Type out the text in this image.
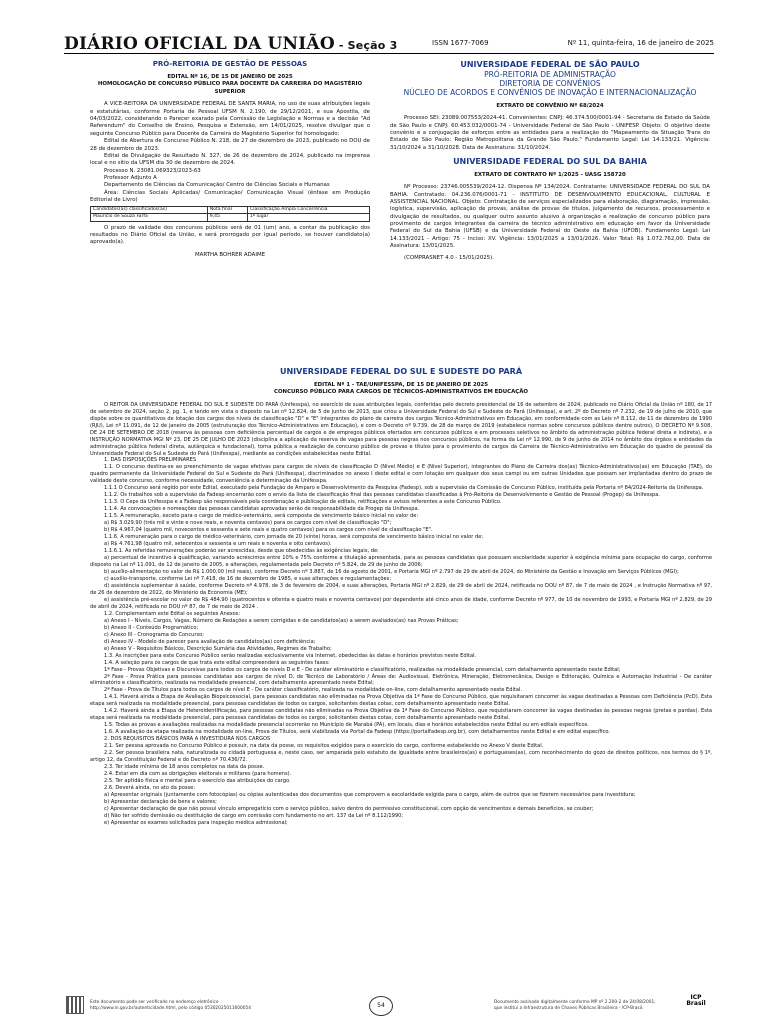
DIÁRIO OFICIAL DA UNIÃO - Seção 3	ISSN 1677-7069	Nº 11, quinta-feira, 16 de janeiro de 2025
PRÓ-REITORIA DE GESTÃO DE PESSOAS
EDITAL Nº 16, DE 15 DE JANEIRO DE 2025
HOMOLOGAÇÃO DE CONCURSO PÚBLICO PARA DOCENTE DA CARREIRA DO MAGISTÉRIO SUPERIOR

A VICE-REITORA DA UNIVERSIDADE FEDERAL DE SANTA MARIA, no uso de suas atribuições legais e estatutárias, conforme Portaria de Pessoal UFSM N. 2.190, de 29/12/2021, e sua Apostila, de 04/03/2022, considerando o Parecer exarado pela Comissão de Legislação e Normas e a decisão "Ad Referendum" do Conselho de Ensino, Pesquisa e Extensão, em 14/01/2025, resolve divulgar que o seguinte Concurso Público para Docente da Carreira do Magistério Superior foi homologado:

Edital de Abertura de Concurso Público N. 218, de 27 de dezembro de 2023, publicado no DOU de 28 de dezembro de 2023.

Edital de Divulgação de Resultado N. 327, de 26 de dezembro de 2024, publicado na imprensa local e no sítio da UFSM dia 30 de dezembro de 2024.

Processo N. 23081.069323/2023-63

Professor Adjunto A

Departamento de Ciências da Comunicação/ Centro de Ciências Sociais e Humanas

Área: Ciências Sociais Aplicadas/ Comunicação/ Comunicação Visual (ênfase em Produção Editorial de Livro)

Candidatos(as) classificados(as)	Nota final	Classificação Ampla Concorrência
Mauricio de Souza Farfa	9,45	1º lugar

O prazo de validade dos concursos públicos será de 01 (um) ano, a contar da publicação dos resultados no Diário Oficial da União, e será prorrogado por igual período, se houver candidato(a) aprovado(a).

MARTHA BOHRER ADAIME
UNIVERSIDADE FEDERAL DE SÃO PAULO
PRÓ-REITORIA DE ADMINISTRAÇÃO
DIRETORIA DE CONVÊNIOS
NÚCLEO DE ACORDOS E CONVÊNIOS DE INOVAÇÃO E INTERNACIONALIZAÇÃO
EXTRATO DE CONVÊNIO Nº 68/2024

Processo SEI: 23089.007553/2024-41. Convenientes: CNPJ: 46.374.500/0001-94 - Secretaria de Estado da Saúde de São Paulo e CNPJ: 60.453.032/0001-74 - Universidade Federal de São Paulo - UNIFESP. Objeto: O objetivo deste convênio é a conjugação de esforços entre as entidades para a realização do "Mapeamento da Situação Trans do Estado de São Paulo: Região Metropolitana da Grande São Paulo." Fundamento Legal: Lei 14.133/21. Vigência: 31/10/2024 a 31/10/2028. Data de Assinatura: 31/10/2024.

UNIVERSIDADE FEDERAL DO SUL DA BAHIA
EXTRATO DE CONTRATO Nº 1/2025 - UASG 158720

Nº Processo: 23746.005539/2024-12. Dispensa Nº 134/2024. Contratante: UNIVERSIDADE FEDERAL DO SUL DA BAHIA. Contratado: 04.236.076/0001-71 - INSTITUTO DE DESENVOLVIMENTO EDUCACIONAL, CULTURAL E ASSISTENCIAL NACIONAL. Objeto: Contratação de serviços especializados para elaboração, diagramação, impressão, logística, supervisão, aplicação de provas, análise de provas de títulos, julgamento de recursos, processamento e divulgação de resultados, ou qualquer outro assunto alusivo à organização e realização de concurso público para provimento de cargos integrantes da carreira de técnico administrativo em educação em favor da Universidade Federal do Sul da Bahia (UFSB) e da Universidade Federal do Oeste da Bahia (UFOB). Fundamento Legal: Lei 14.133/2021 - Artigo: 75 - Inciso: XV. Vigência: 13/01/2025 a 13/01/2026. Valor Total: R$ 1.072.762,00. Data de Assinatura: 13/01/2025.

(COMPRASNET 4.0 - 15/01/2025).

UNIVERSIDADE FEDERAL DO SUL E SUDESTE DO PARÁ
EDITAL Nº 1 - TAE/UNIFESSPA, DE 15 DE JANEIRO DE 2025
CONCURSO PÚBLICO PARA CARGOS DE TÉCNICOS-ADMINISTRATIVOS EM EDUCAÇÃO

O REITOR DA UNIVERSIDADE FEDERAL DO SUL E SUDESTE DO PARÁ (Unifesspa), no exercício de suas atribuições legais, conferidas pelo decreto presidencial de 16 de setembro de 2024, publicado no Diário Oficial da União nº 180, de 17 de setembro de 2024, seção 2, pg. 1, e tendo em vista o disposto na Lei nº 12.824, de 5 de junho de 2013, que criou a Universidade Federal do Sul e Sudeste do Pará (Unifesspa), e art. 2º do Decreto nº 7.232, de 19 de julho de 2010, que dispõe sobre os quantitativos de lotação dos cargos dos níveis de classificação "D" e "E" integrantes do plano de carreira dos cargos Técnico-Administrativos em Educação, em conformidade com as Leis nº 8.112, de 11 de dezembro de 1990 (RJU), Lei nº 11.091, de 12 de janeiro de 2005 (estruturação dos Técnico-Administrativos em Educação), e com o Decreto nº 9.739, de 28 de março de 2019 (estabelece normas sobre concursos públicos dentre outros), O DECRETO Nº 9.508, DE 24 DE SETEMBRO DE 2018 (reserva às pessoas com deficiência percentual de cargos e de empregos públicos ofertados em concursos públicos e em processos seletivos no âmbito da administração pública federal direta e indireta), e a INSTRUÇÃO NORMATIVA MGI Nº 23, DE 25 DE JULHO DE 2023 (disciplina a aplicação da reserva de vagas para pessoas negras nos concursos públicos, na forma da Lei nº 12.990, de 9 de junho de 2014 no âmbito dos órgãos e entidades da administração pública federal direta, autárquica e fundacional), torna pública a realização de concurso público de provas e títulos para o provimento de cargos da Carreira de Técnico-Administrativo em Educação do quadro de pessoal da Universidade Federal do Sul e Sudeste do Pará (Unifesspa), mediante as condições estabelecidas neste Edital.

1. DAS DISPOSIÇÕES PRELIMINARES

1.1. O concurso destina-se ao preenchimento de vagas efetivas para cargos de níveis de classificação D (Nível Médio) e E (Nível Superior), integrantes do Plano de Carreira dos(as) Técnico-Administrativos(as) em Educação (TAE), do quadro permanente da Universidade Federal do Sul e Sudeste do Pará (Unifesspa), discriminados no anexo I deste edital e com lotação em qualquer dos seus campi ou em outras Unidades que possam ser implantadas dentro do prazo de validade deste concurso, conforme necessidade, conveniência e determinação da Unifesspa.

1.1.1 O Concurso será regido por este Edital, executado pela Fundação de Amparo e Desenvolvimento da Pesquisa (Fadesp), sob a supervisão da Comissão de Concurso Público, instituída pela Portaria nº 84/2024-Reitoria da Unifesspa.

1.1.2. Os trabalhos sob a supervisão da Fadesp encerrarão com o envio da lista de classificação final das pessoas candidatas classificadas à Pró-Reitoria de Desenvolvimento e Gestão de Pessoal (Progep) da Unifesspa.

1.1.3. O Ceps da Unifesspa e a Fadesp são responsáveis pela coordenação e publicação de editais, retificações e avisos referentes a este Concurso Público.

1.1.4. As convocações e nomeações das pessoas candidatas aprovadas serão de responsabilidade da Progep da Unifesspa.

1.1.5. A remuneração, exceto para o cargo de médico-veterinário, será composta de vencimento básico inicial no valor de:

a) R$ 3.029,90 (três mil e vinte e nove reais, e noventa centavos) para os cargos com nível de classificação "D";

b) R$ 4.967,04 (quatro mil, novecentos e sessenta e sete reais e quatro centavos) para os cargos com nível de classificação "E".

1.1.6. A remuneração para o cargo de médico-veterinário, com jornada de 20 (vinte) horas, será composta de vencimento básico inicial no valor de:

a) R$ 4.761,98 (quatro mil, setecentos e sessenta e um reais e noventa e oito centavos).

1.1.6.1. As referidas remunerações poderão ser acrescidas, desde que obedecidas às exigências legais, de:

a) percentual de incentivo à qualificação, variando acréscimos entre 10% e 75% conforme a titulação apresentada, para as pessoas candidatas que possuam escolaridade superior à exigência mínima para ocupação do cargo, conforme disposto na Lei nº 11.091, de 12 de janeiro de 2005, e alterações, regulamentada pelo Decreto nº 5.824, de 29 de junho de 2006;

b) auxílio-alimentação no valor de R$ 1.000,00 (mil reais), conforme Decreto nº 3.887, de 16 de agosto de 2001, e Portaria MGI nº 2.797 de 29 de abril de 2024, do Ministério da Gestão e Inovação em Serviços Públicos (MGI);

c) auxílio-transporte, conforme Lei nº 7.418, de 16 de dezembro de 1985, e suas alterações e regulamentações;

d) assistência suplementar à saúde, conforme Decreto nº 4.978, de 3 de fevereiro de 2004, e suas alterações, Portaria MGI nº 2.829, de 29 de abril de 2024, retificada no DOU nº 87, de 7 de maio de 2024 , e Instrução Normativa nº 97, de 26 de dezembro de 2022, do Ministério da Economia (ME);

e) assistência pré-escolar no valor de R$ 484,90 (quatrocentos e oitenta e quatro reais e noventa centavos) por dependente até cinco anos de idade, conforme Decreto nº 977, de 10 de novembro de 1993, e Portaria MGI nº 2.829, de 29 de abril de 2024, retificada no DOU nº 87, de 7 de maio de 2024 .

1.2. Complementam este Edital os seguintes Anexos:

a) Anexo I - Níveis, Cargos, Vagas, Número de Redações a serem corrigidas e de candidatos(as) a serem avaliados(as) nas Provas Práticas;

b) Anexo II - Conteúdo Programático;

c) Anexo III - Cronograma do Concurso;

d) Anexo IV - Modelo de parecer para avaliação de candidatos(as) com deficiência;

e) Anexo V - Requisitos Básicos, Descrição Sumária das Atividades, Regimes de Trabalho;

1.3. As inscrições para este Concurso Público serão realizadas exclusivamente via Internet, obedecidas às datas e horários previstos neste Edital.

1.4. A seleção para os cargos de que trata este edital compreenderá as seguintes fases:

1ª Fase - Provas Objetivas e Discursivas para todos os cargos de níveis D e E - De caráter eliminatório e classificatório, realizadas na modalidade presencial, com detalhamento apresentado neste Edital;

2ª Fase - Prova Prática para pessoas candidatas aos cargos de nível D, de Técnico de Laboratório / Áreas de: Audiovisual, Eletrônica, Mineração, Eletromecânica, Design e Editoração, Química e Automação Industrial - De caráter eliminatório e classificatório, realizada na modalidade presencial, com detalhamento apresentado neste Edital;

2ª Fase - Prova de Títulos para todos os cargos de nível E - De caráter classificatório, realizada na modalidade on-line, com detalhamento apresentado neste Edital.

1.4.1. Haverá ainda a Etapa de Avaliação Biopsicossocial, para pessoas candidatas não eliminadas na Prova Objetiva da 1ª Fase do Concurso Público, que requisitaram concorrer às vagas destinadas a Pessoas com Deficiência (PcD). Esta etapa será realizada na modalidade presencial, para pessoas candidatas de todos os cargos, solicitantes destas cotas, com detalhamento apresentado neste Edital.

1.4.2. Haverá ainda a Etapa de Heteroidentificação, para pessoas candidatas não eliminadas na Prova Objetiva da 1ª Fase do Concurso Público, que requisitaram concorrer às vagas destinadas às pessoas negras (pretas e pardas). Esta etapa será realizada na modalidade presencial, para pessoas candidatas de todos os cargos, solicitantes destas cotas, com detalhamento apresentado neste Edital.

1.5. Todas as provas e avaliações realizadas na modalidade presencial ocorrerão no Município de Marabá (PA), em locais, dias e horários estabelecidos neste Edital ou em editais específicos.

1.6. A avaliação da etapa realizada na modalidade on-line, Prova de Títulos, será viabilizada via Portal da Fadesp (https://portalfadesp.org.br), com detalhamentos neste Edital e em edital específico.

2. DOS REQUISITOS BÁSICOS PARA A INVESTIDURA NOS CARGOS

2.1. Ser pessoa aprovada no Concurso Público e possuir, na data da posse, os requisitos exigidos para o exercício do cargo, conforme estabelecido no Anexo V deste Edital.

2.2. Ser pessoa brasileira nata, naturalizada ou cidadã portuguesa e, neste caso, ser amparada pelo estatuto de igualdade entre brasileiros(as) e portugueses(as), com reconhecimento do gozo de direitos políticos, nos termos do § 1º, artigo 12, da Constituição Federal e do Decreto nº 70.436/72.

2.3. Ter idade mínima de 18 anos completos na data da posse.

2.4. Estar em dia com as obrigações eleitorais e militares (para homens).

2.5. Ter aptidão física e mental para o exercício das atribuições do cargo.

2.6. Deverá ainda, no ato da posse:

a) Apresentar originais (juntamente com fotocópias) ou cópias autenticadas dos documentos que comprovem a escolaridade exigida para o cargo, além de outros que se fizerem necessários para investidura;

b) Apresentar declaração de bens e valores;

c) Apresentar declaração de que não possui vínculo empregatício com o serviço público, salvo dentro do permissivo constitucional, com opção de vencimentos e demais benefícios, se couber;

d) Não ter sofrido demissão ou destituição de cargo em comissão com fundamento no art. 137 da Lei nº 8.112/1990;

e) Apresentar os exames solicitados para inspeção médica admissional;

Este documento pode ser verificado no endereço eletrônico
http://www.in.gov.br/autenticidade.html, pelo código 05302025011600054	54	Documento assinado digitalmente conforme MP nº 2.200-2 de 24/08/2001,
que institui a Infraestrutura de Chaves Públicas Brasileira - ICP-Brasil.
ICP Brasil
